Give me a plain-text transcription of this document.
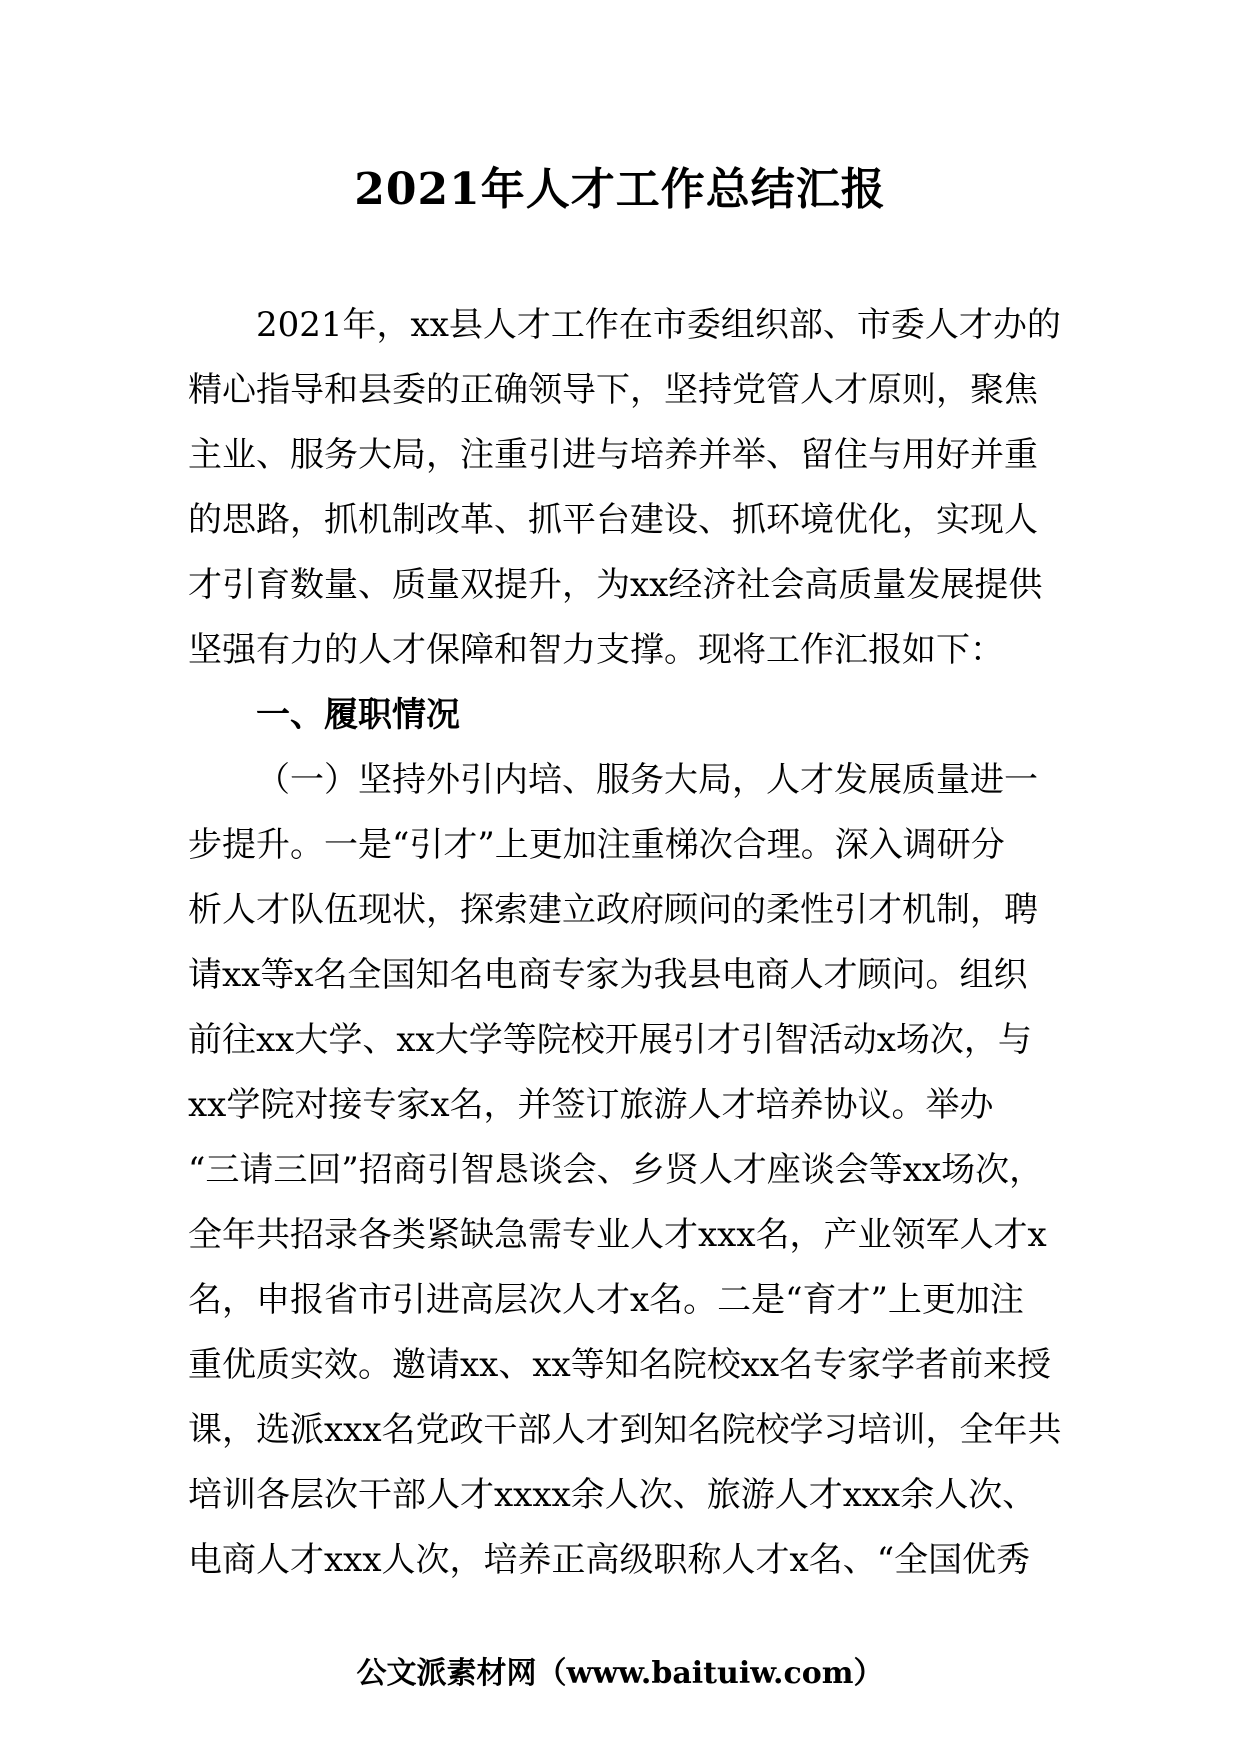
2021年人才工作总结汇报

2021年，xx县人才工作在市委组织部、市委人才办的

精心指导和县委的正确领导下，坚持党管人才原则，聚焦

主业、服务大局，注重引进与培养并举、留住与用好并重

的思路，抓机制改革、抓平台建设、抓环境优化，实现人

才引育数量、质量双提升，为xx经济社会高质量发展提供

坚强有力的人才保障和智力支撑。现将工作汇报如下：

一、履职情况

（一）坚持外引内培、服务大局，人才发展质量进一

步提升。一是“引才”上更加注重梯次合理。深入调研分

析人才队伍现状，探索建立政府顾问的柔性引才机制，聘

请xx等x名全国知名电商专家为我县电商人才顾问。组织

前往xx大学、xx大学等院校开展引才引智活动x场次，与

xx学院对接专家x名，并签订旅游人才培养协议。举办

“三请三回”招商引智恳谈会、乡贤人才座谈会等xx场次，

全年共招录各类紧缺急需专业人才xxx名，产业领军人才x

名，申报省市引进高层次人才x名。二是“育才”上更加注

重优质实效。邀请xx、xx等知名院校xx名专家学者前来授

课，选派xxx名党政干部人才到知名院校学习培训，全年共

培训各层次干部人才xxxx余人次、旅游人才xxx余人次、

电商人才xxx人次，培养正高级职称人才x名、“全国优秀

公文派素材网（www.baituiw.com）
